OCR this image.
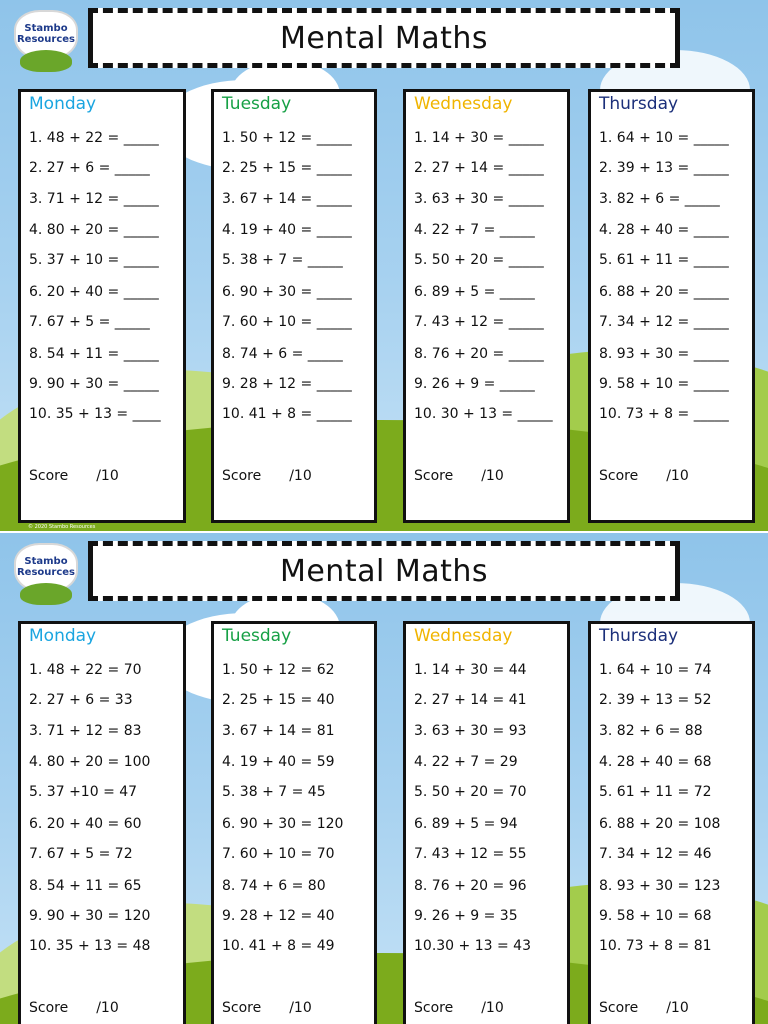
Stambo
Resources	Mental Maths
Monday
1. 48 + 22 = _____
2. 27 + 6 = _____
3. 71 + 12 = _____
4. 80 + 20 = _____
5. 37 + 10 = _____
6. 20 + 40 = _____
7. 67 + 5 = _____
8. 54 + 11 = _____
9. 90 + 30 = _____
10. 35 + 13 = ____
Score /10
Tuesday
1. 50 + 12 = _____
2. 25 + 15 = _____
3. 67 + 14 = _____
4. 19 + 40 = _____
5. 38 + 7 = _____
6. 90 + 30 = _____
7. 60 + 10 = _____
8. 74 + 6 = _____
9. 28 + 12 = _____
10. 41 + 8 = _____
Score /10
Wednesday
1. 14 + 30 = _____
2. 27 + 14 = _____
3. 63 + 30 = _____
4. 22 + 7 = _____
5. 50 + 20 = _____
6. 89 + 5 = _____
7. 43 + 12 = _____
8. 76 + 20 = _____
9. 26 + 9 = _____
10. 30 + 13 = _____
Score /10
Thursday
1. 64 + 10 = _____
2. 39 + 13 = _____
3. 82 + 6 = _____
4. 28 + 40 = _____
5. 61 + 11 = _____
6. 88 + 20 = _____
7. 34 + 12 = _____
8. 93 + 30 = _____
9. 58 + 10 = _____
10. 73 + 8 = _____
Score /10
© 2020 Stambo Resources
Stambo
Resources	Mental Maths
Monday
1. 48 + 22 = 70
2. 27 + 6 = 33
3. 71 + 12 = 83
4. 80 + 20 = 100
5. 37 +10 = 47
6. 20 + 40 = 60
7. 67 + 5 = 72
8. 54 + 11 = 65
9. 90 + 30 = 120
10. 35 + 13 = 48
Score /10
Tuesday
1. 50 + 12 = 62
2. 25 + 15 = 40
3. 67 + 14 = 81
4. 19 + 40 = 59
5. 38 + 7 = 45
6. 90 + 30 = 120
7. 60 + 10 = 70
8. 74 + 6 = 80
9. 28 + 12 = 40
10. 41 + 8 = 49
Score /10
Wednesday
1. 14 + 30 = 44
2. 27 + 14 = 41
3. 63 + 30 = 93
4. 22 + 7 = 29
5. 50 + 20 = 70
6. 89 + 5 = 94
7. 43 + 12 = 55
8. 76 + 20 = 96
9. 26 + 9 = 35
10.30 + 13 = 43
Score /10
Thursday
1. 64 + 10 = 74
2. 39 + 13 = 52
3. 82 + 6 = 88
4. 28 + 40 = 68
5. 61 + 11 = 72
6. 88 + 20 = 108
7. 34 + 12 = 46
8. 93 + 30 = 123
9. 58 + 10 = 68
10. 73 + 8 = 81
Score /10
